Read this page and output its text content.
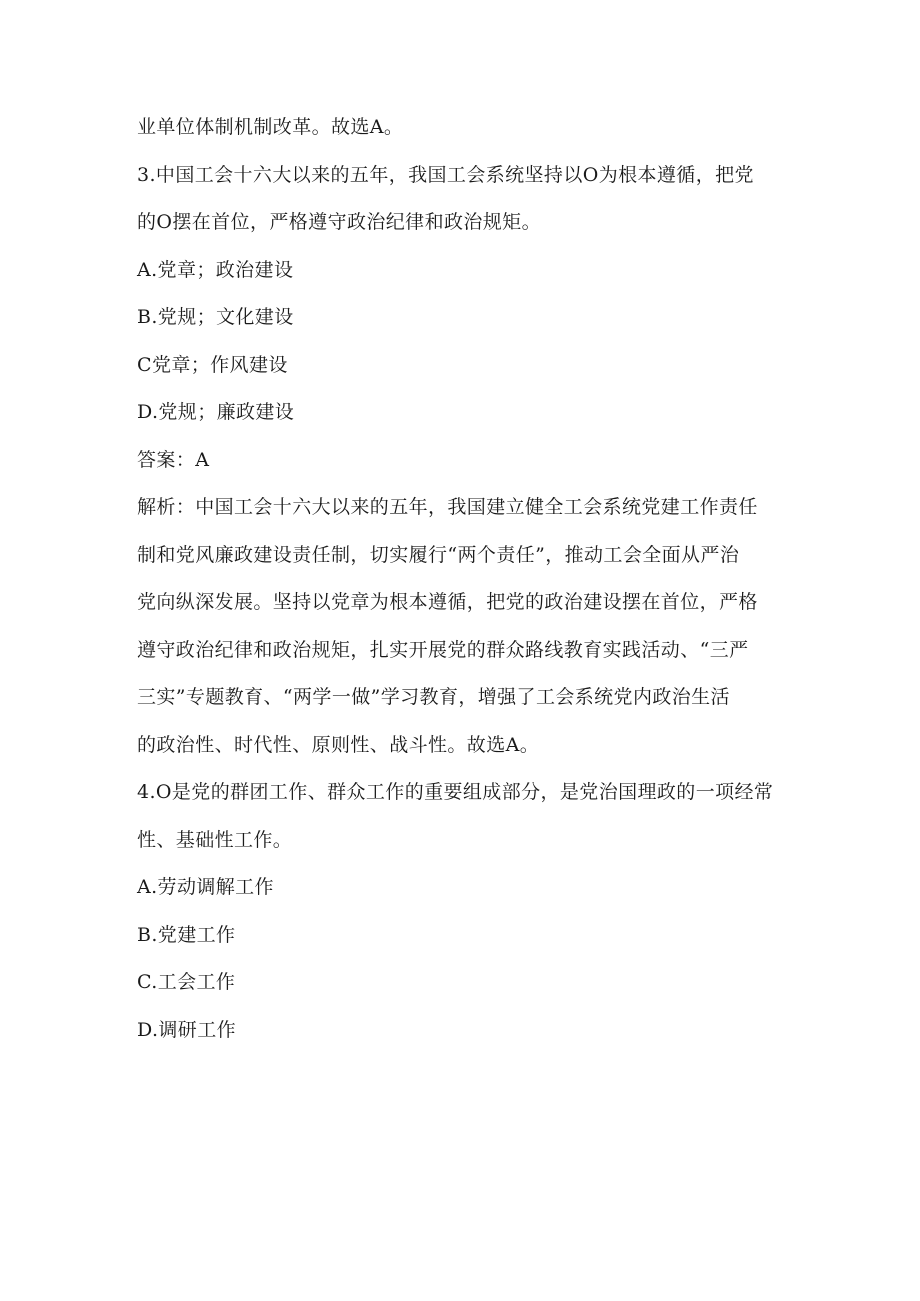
业单位体制机制改革。故选A。
3.中国工会十六大以来的五年，我国工会系统坚持以O为根本遵循，把党
的O摆在首位，严格遵守政治纪律和政治规矩。
A.党章；政治建设
B.党规；文化建设
C党章；作风建设
D.党规；廉政建设
答案：A
解析：中国工会十六大以来的五年，我国建立健全工会系统党建工作责任
制和党风廉政建设责任制，切实履行“两个责任”，推动工会全面从严治
党向纵深发展。坚持以党章为根本遵循，把党的政治建设摆在首位，严格
遵守政治纪律和政治规矩，扎实开展党的群众路线教育实践活动、“三严
三实”专题教育、“两学一做”学习教育，增强了工会系统党内政治生活
的政治性、时代性、原则性、战斗性。故选A。
4.O是党的群团工作、群众工作的重要组成部分，是党治国理政的一项经常
性、基础性工作。
A.劳动调解工作
B.党建工作
C.工会工作
D.调研工作
